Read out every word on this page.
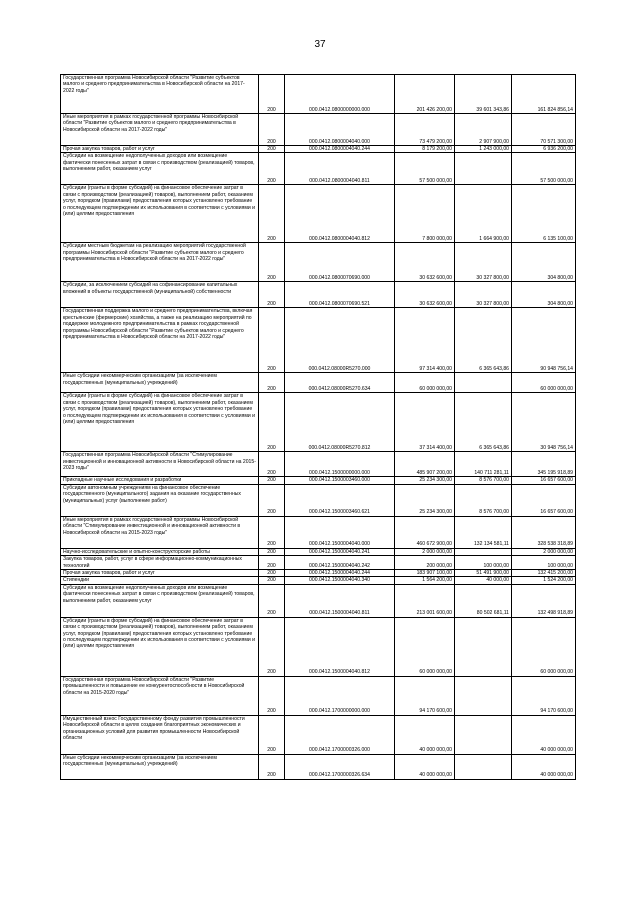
37
Государственная программа Новосибирской области "Развитие субъектов малого и среднего предпринимательства в Новосибирской области на 2017-2022 годы"	200	000.0412.0800000000.000	201 426 200,00	39 601 343,86	161 824 856,14
Иные мероприятия в рамках государственной программы Новосибирской области "Развитие субъектов малого и среднего предпринимательства в Новосибирской области на 2017-2022 годы"	200	000.0412.0800004040.000	73 479 200,00	2 907 900,00	70 571 300,00
Прочая закупка товаров, работ и услуг	200	000.0412.0800004040.244	8 179 200,00	1 243 000,00	6 936 200,00
Субсидии на возмещение недополученных доходов или возмещение фактически понесенных затрат в связи с производством (реализацией) товаров, выполнением работ, оказанием услуг	200	000.0412.0800004040.811	57 500 000,00		57 500 000,00
Субсидии (гранты в форме субсидий) на финансовое обеспечение затрат в связи с производством (реализацией) товаров), выполнением работ, оказанием услуг, порядком (правилами) предоставления которых установлено требование о последующем подтверждении их использования в соответствии с условиями и (или) целями предоставления	200	000.0412.0800004040.812	7 800 000,00	1 664 900,00	6 135 100,00
Субсидии местным бюджетам на реализацию мероприятий государственной программы Новосибирской области "Развитие субъектов малого и среднего предпринимательства в Новосибирской области на 2017-2022 годы"	200	000.0412.0800070690.000	30 632 600,00	30 327 800,00	304 800,00
Субсидии, за исключением субсидий на софинансирование капитальных вложений в объекты государственной (муниципальной) собственности	200	000.0412.0800070690.521	30 632 600,00	30 327 800,00	304 800,00
Государственная поддержка малого и среднего предпринимательства, включая крестьянские (фермерские) хозяйства, а также на реализацию мероприятий по поддержке молодежного предпринимательства в рамках государственной программы Новосибирской области "Развитие субъектов малого и среднего предпринимательства в Новосибирской области на 2017-2022 годы"	200	000.0412.08000R5270.000	97 314 400,00	6 365 643,86	90 948 756,14
Иные субсидии некоммерческим организациям (за исключением государственных (муниципальных) учреждений)	200	000.0412.08000R5270.634	60 000 000,00		60 000 000,00
Субсидии (гранты в форме субсидий) на финансовое обеспечение затрат в связи с производством (реализацией) товаров), выполнением работ, оказанием услуг, порядком (правилами) предоставления которых установлено требование о последующем подтверждении их использования в соответствии с условиями и (или) целями предоставления	200	000.0412.08000R5270.812	37 314 400,00	6 365 643,86	30 948 756,14
Государственная программа Новосибирской области "Стимулирование инвестиционной и инновационной активности в Новосибирской области на 2015-2023 годы"	200	000.0412.1500000000.000	485 907 200,00	140 711 281,11	345 195 918,89
Прикладные научные исследования и разработки	200	000.0412.1500003460.000	25 234 300,00	8 576 700,00	16 657 600,00
Субсидии автономным учреждениям на финансовое обеспечение государственного (муниципального) задания на оказание государственных (муниципальных) услуг (выполнение работ)	200	000.0412.1500003460.621	25 234 300,00	8 576 700,00	16 657 600,00
Иные мероприятия в рамках государственной программы Новосибирской области "Стимулирование инвестиционной и инновационной активности в Новосибирской области на 2015-2023 годы"	200	000.0412.1500004040.000	460 672 900,00	132 134 581,11	328 538 318,89
Научно-исследовательские и опытно-конструкторские работы	200	000.0412.1500004040.241	2 000 000,00		2 000 000,00
Закупка товаров, работ, услуг в сфере информационно-коммуникационных технологий	200	000.0412.1500004040.242	200 000,00	100 000,00	100 000,00
Прочая закупка товаров, работ и услуг	200	000.0412.1500004040.244	183 907 100,00	51 491 900,00	132 415 200,00
Стипендии	200	000.0412.1500004040.340	1 564 200,00	40 000,00	1 524 200,00
Субсидии на возмещение недополученных доходов или возмещение фактически понесенных затрат в связи с производством (реализацией) товаров, выполнением работ, оказанием услуг	200	000.0412.1500004040.811	213 001 600,00	80 502 681,11	132 498 918,89
Субсидии (гранты в форме субсидий) на финансовое обеспечение затрат в связи с производством (реализацией) товаров), выполнением работ, оказанием услуг, порядком (правилами) предоставления которых установлено требование о последующем подтверждении их использования в соответствии с условиями и (или) целями предоставления	200	000.0412.1500004040.812	60 000 000,00		60 000 000,00
Государственная программа Новосибирской области "Развитие промышленности и повышение ее конкурентоспособности в Новосибирской области на 2015-2020 годы"	200	000.0412.1700000000.000	94 170 600,00		94 170 600,00
Имущественный взнос Государственному фонду развития промышленности Новосибирской области в целях создания благоприятных экономических и организационных условий для развития промышленности Новосибирской области	200	000.0412.1700000326.000	40 000 000,00		40 000 000,00
Иные субсидии некоммерческим организациям (за исключением государственных (муниципальных) учреждений)	200	000.0412.1700000326.634	40 000 000,00		40 000 000,00
